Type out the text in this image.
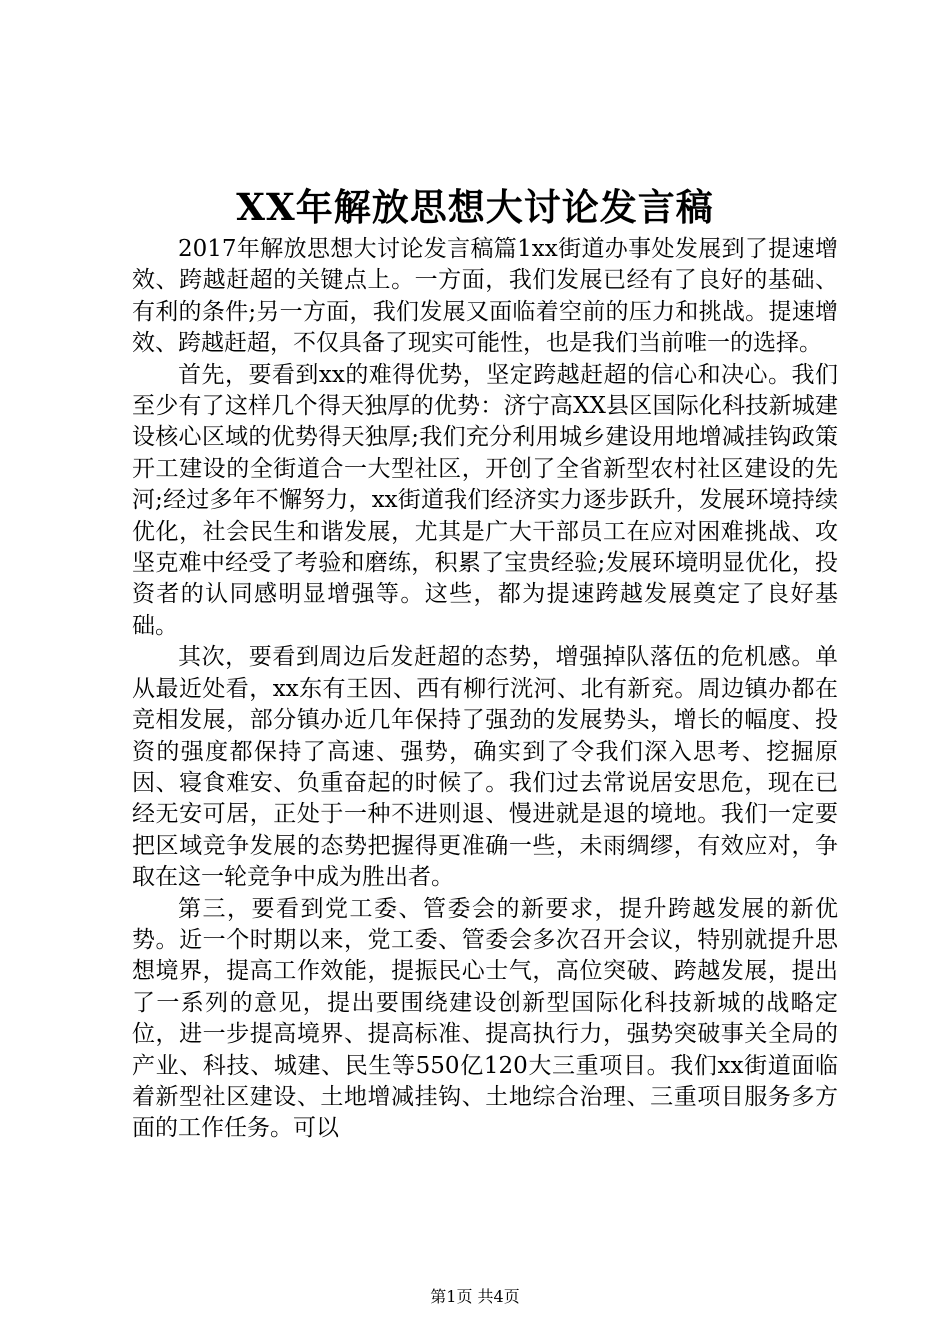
XX年解放思想大讨论发言稿

2017年解放思想大讨论发言稿篇1xx街道办事处发展到了提速增效、跨越赶超的关键点上。一方面，我们发展已经有了良好的基础、有利的条件;另一方面，我们发展又面临着空前的压力和挑战。提速增效、跨越赶超，不仅具备了现实可能性，也是我们当前唯一的选择。

首先，要看到xx的难得优势，坚定跨越赶超的信心和决心。我们至少有了这样几个得天独厚的优势：济宁高XX县区国际化科技新城建设核心区域的优势得天独厚;我们充分利用城乡建设用地增减挂钩政策开工建设的全街道合一大型社区，开创了全省新型农村社区建设的先河;经过多年不懈努力，xx街道我们经济实力逐步跃升，发展环境持续优化，社会民生和谐发展，尤其是广大干部员工在应对困难挑战、攻坚克难中经受了考验和磨练，积累了宝贵经验;发展环境明显优化，投资者的认同感明显增强等。这些，都为提速跨越发展奠定了良好基础。

其次，要看到周边后发赶超的态势，增强掉队落伍的危机感。单从最近处看，xx东有王因、西有柳行洸河、北有新兖。周边镇办都在竞相发展，部分镇办近几年保持了强劲的发展势头，增长的幅度、投资的强度都保持了高速、强势，确实到了令我们深入思考、挖掘原因、寝食难安、负重奋起的时候了。我们过去常说居安思危，现在已经无安可居，正处于一种不进则退、慢进就是退的境地。我们一定要把区域竞争发展的态势把握得更准确一些，未雨绸缪，有效应对，争取在这一轮竞争中成为胜出者。

第三，要看到党工委、管委会的新要求，提升跨越发展的新优势。近一个时期以来，党工委、管委会多次召开会议，特别就提升思想境界，提高工作效能，提振民心士气，高位突破、跨越发展，提出了一系列的意见，提出要围绕建设创新型国际化科技新城的战略定位，进一步提高境界、提高标准、提高执行力，强势突破事关全局的产业、科技、城建、民生等550亿120大三重项目。我们xx街道面临着新型社区建设、土地增减挂钩、土地综合治理、三重项目服务多方面的工作任务。可以

第1页 共4页
